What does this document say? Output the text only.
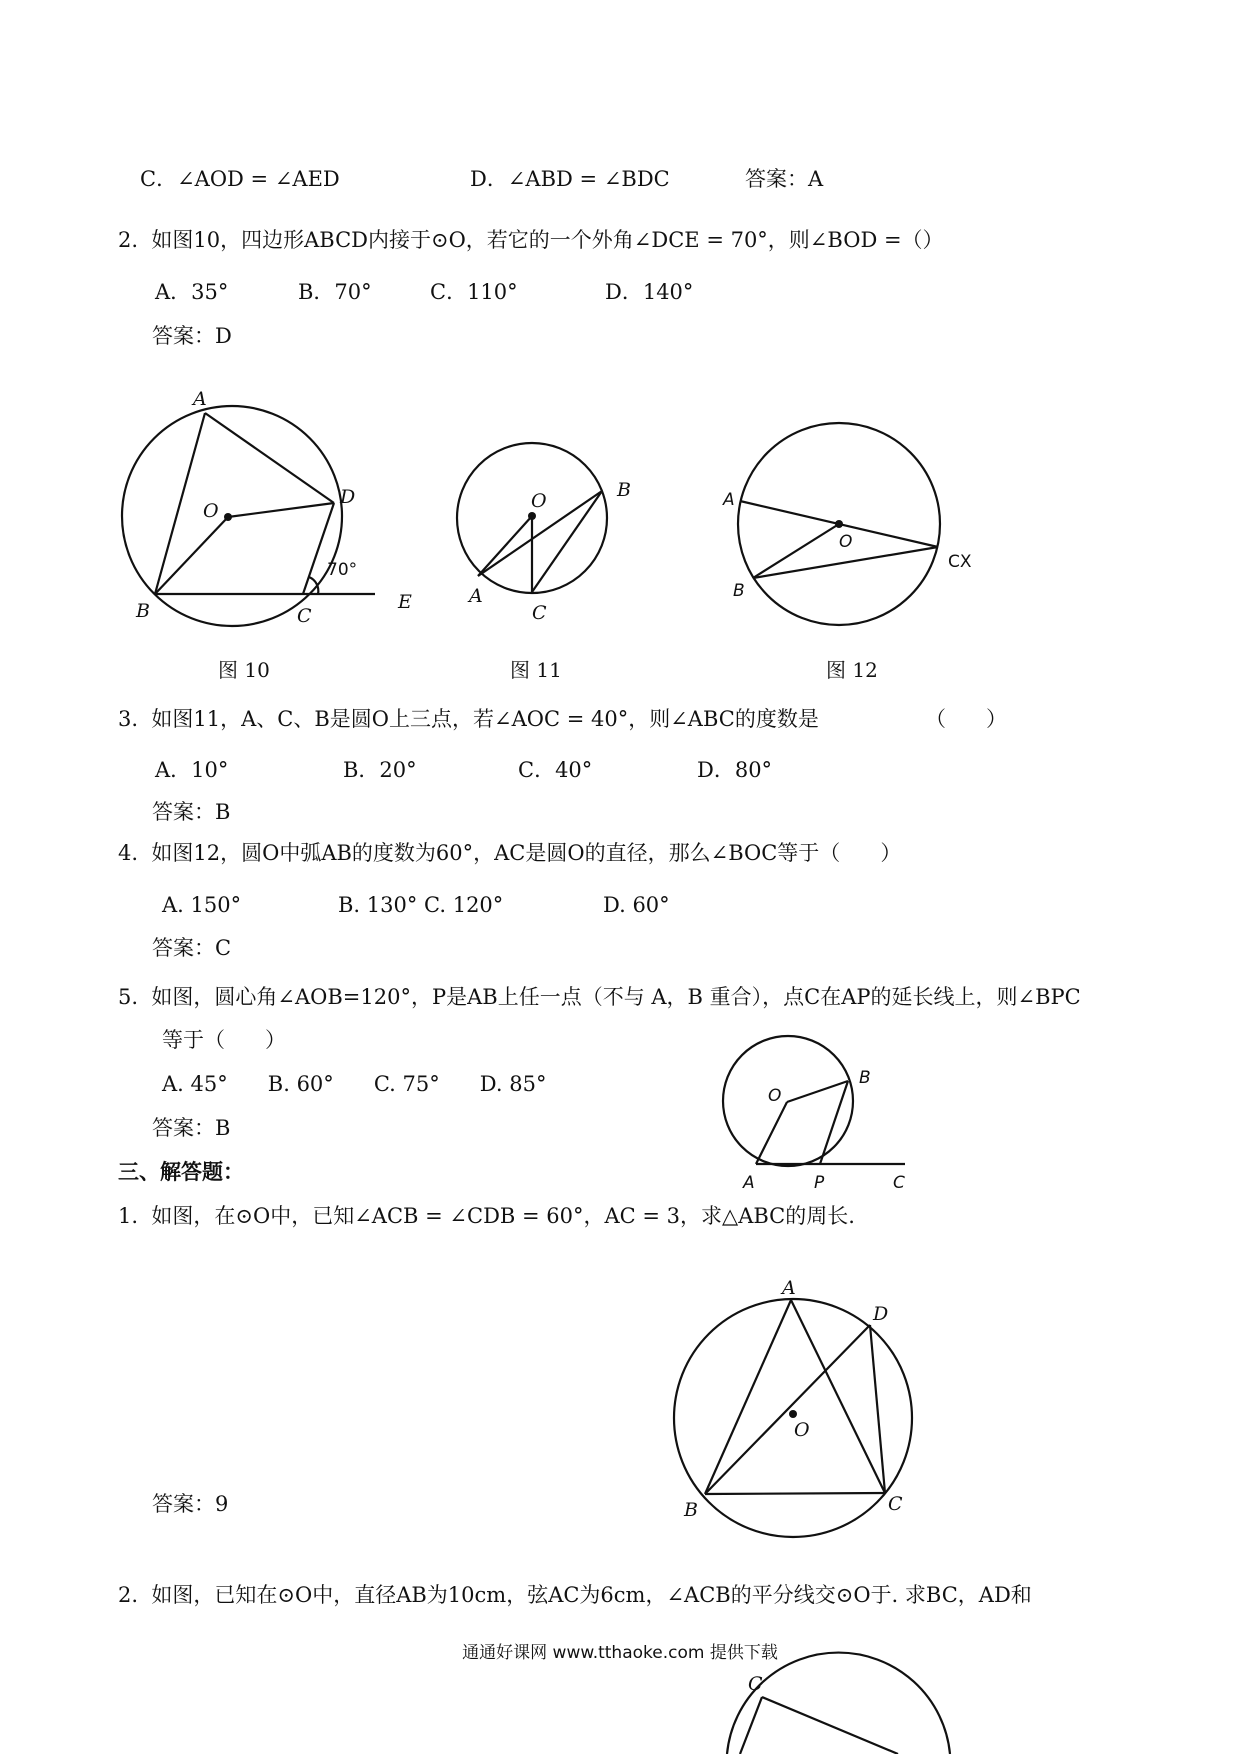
C．∠AOD = ∠AED	D．∠ABD = ∠BDC	答案：A
2.  如图10，四边形ABCD内接于⊙O，若它的一个外角∠DCE = 70°，则∠BOD =（）
A．35°	B．70°	C．110°	D．140°
答案：D
图 10	图 11	图 12
3.  如图11，A、C、B是圆O上三点，若∠AOC = 40°，则∠ABC的度数是	（      ）
A．10°	B．20°	C．40°	D．80°
答案：B
4.  如图12，圆O中弧AB的度数为60°，AC是圆O的直径，那么∠BOC等于（      ）
A. 150°	B. 130° C. 120°	D. 60°
答案：C
5.  如图，圆心角∠AOB=120°，P是AB上任一点（不与 A，B 重合），点C在AP的延长线上，则∠BPC
等于（      ）
A. 45°      B. 60°      C. 75°      D. 85°
答案：B
三、解答题：
1.  如图，在⊙O中，已知∠ACB = ∠CDB = 60°，AC = 3，求△ABC的周长.
答案：9
2.  如图，已知在⊙O中，直径AB为10cm，弦AC为6cm，∠ACB的平分线交⊙O于. 求BC，AD和
通通好课网 www.tthaoke.com 提供下载
A
O
D
70°
B	C
E
O	B
A
C
A
O
CX
B
O
B
A	P	C
A
D
O
B	C
C
